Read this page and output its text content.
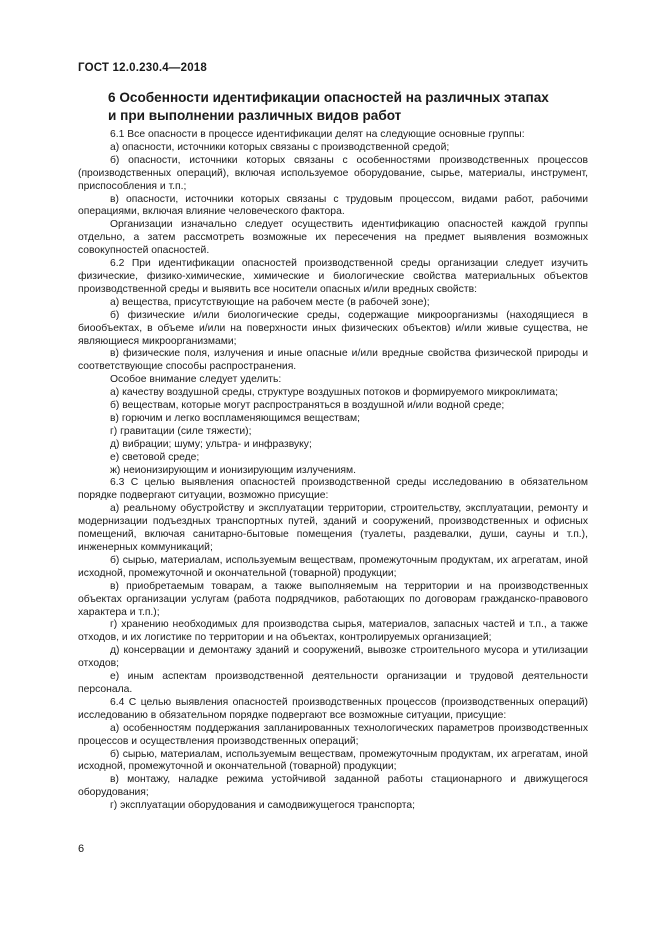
ГОСТ 12.0.230.4—2018
6 Особенности идентификации опасностей на различных этапах
и при выполнении различных видов работ

6.1 Все опасности в процессе идентификации делят на следующие основные группы:

а) опасности, источники которых связаны с производственной средой;

б) опасности, источники которых связаны с особенностями производственных процессов (производственных операций), включая используемое оборудование, сырье, материалы, инструмент, приспособления и т.п.;

в) опасности, источники которых связаны с трудовым процессом, видами работ, рабочими операциями, включая влияние человеческого фактора.

Организации изначально следует осуществить идентификацию опасностей каждой группы отдельно, а затем рассмотреть возможные их пересечения на предмет выявления возможных совокупностей опасностей.

6.2 При идентификации опасностей производственной среды организации следует изучить физические, физико-химические, химические и биологические свойства материальных объектов производственной среды и выявить все носители опасных и/или вредных свойств:

а) вещества, присутствующие на рабочем месте (в рабочей зоне);

б) физические и/или биологические среды, содержащие микроорганизмы (находящиеся в биообъектах, в объеме и/или на поверхности иных физических объектов) и/или живые существа, не являющиеся микроорганизмами;

в) физические поля, излучения и иные опасные и/или вредные свойства физической природы и соответствующие способы распространения.

Особое внимание следует уделить:

а) качеству воздушной среды, структуре воздушных потоков и формируемого микроклимата;

б) веществам, которые могут распространяться в воздушной и/или водной среде;

в) горючим и легко воспламеняющимся веществам;

г) гравитации (силе тяжести);

д) вибрации; шуму; ультра- и инфразвуку;

е) световой среде;

ж) неионизирующим и ионизирующим излучениям.

6.3 С целью выявления опасностей производственной среды исследованию в обязательном порядке подвергают ситуации, возможно присущие:

а) реальному обустройству и эксплуатации территории, строительству, эксплуатации, ремонту и модернизации подъездных транспортных путей, зданий и сооружений, производственных и офисных помещений, включая санитарно-бытовые помещения (туалеты, раздевалки, души, сауны и т.п.), инженерных коммуникаций;

б) сырью, материалам, используемым веществам, промежуточным продуктам, их агрегатам, иной исходной, промежуточной и окончательной (товарной) продукции;

в) приобретаемым товарам, а также выполняемым на территории и на производственных объектах организации услугам (работа подрядчиков, работающих по договорам гражданско-правового характера и т.п.);

г) хранению необходимых для производства сырья, материалов, запасных частей и т.п., а также отходов, и их логистике по территории и на объектах, контролируемых организацией;

д) консервации и демонтажу зданий и сооружений, вывозке строительного мусора и утилизации отходов;

е) иным аспектам производственной деятельности организации и трудовой деятельности персонала.

6.4 С целью выявления опасностей производственных процессов (производственных операций) исследованию в обязательном порядке подвергают все возможные ситуации, присущие:

а) особенностям поддержания запланированных технологических параметров производственных процессов и осуществления производственных операций;

б) сырью, материалам, используемым веществам, промежуточным продуктам, их агрегатам, иной исходной, промежуточной и окончательной (товарной) продукции;

в) монтажу, наладке режима устойчивой заданной работы стационарного и движущегося оборудования;

г) эксплуатации оборудования и самодвижущегося транспорта;

6
